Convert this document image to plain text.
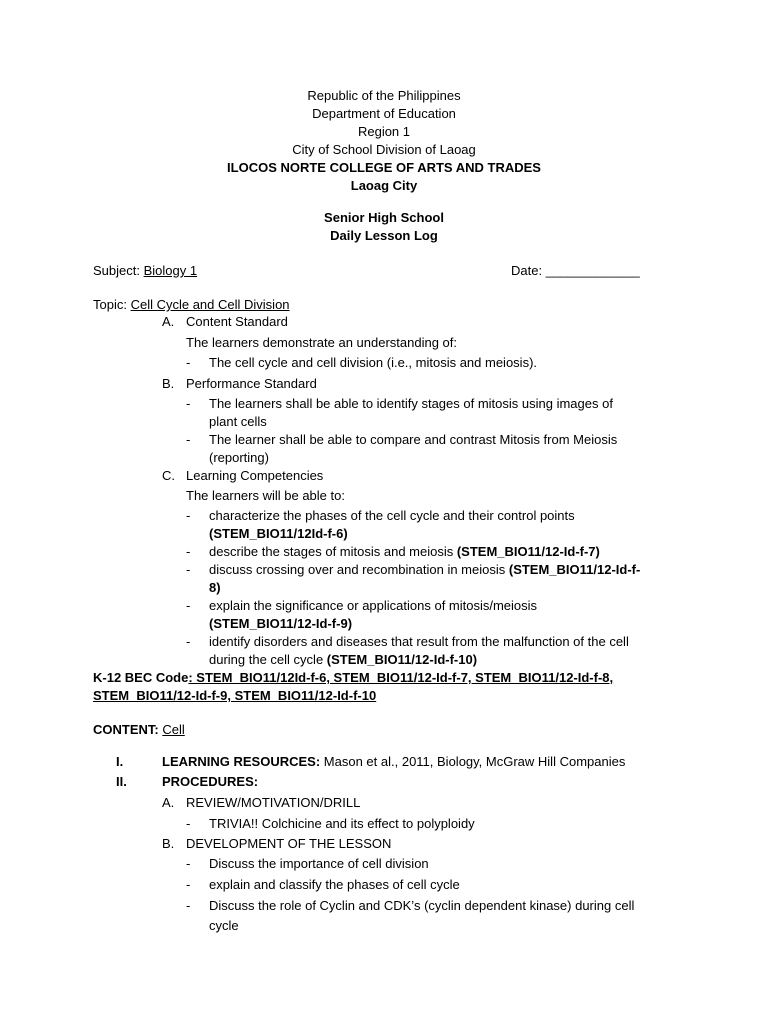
Republic of the Philippines
Department of Education
Region 1
City of School Division of Laoag
ILOCOS NORTE COLLEGE OF ARTS AND TRADES
Laoag City
Senior High School
Daily Lesson Log
Subject: Biology 1	Date: _____________
Topic: Cell Cycle and Cell Division
A. Content Standard
The learners demonstrate an understanding of:
- The cell cycle and cell division (i.e., mitosis and meiosis).
B. Performance Standard
- The learners shall be able to identify stages of mitosis using images of
plant cells
- The learner shall be able to compare and contrast Mitosis from Meiosis
(reporting)
C. Learning Competencies
The learners will be able to:
- characterize the phases of the cell cycle and their control points
(STEM_BIO11/12Id-f-6)
- describe the stages of mitosis and meiosis (STEM_BIO11/12-Id-f-7)
- discuss crossing over and recombination in meiosis (STEM_BIO11/12-Id-f-
8)
- explain the significance or applications of mitosis/meiosis
(STEM_BIO11/12-Id-f-9)
- identify disorders and diseases that result from the malfunction of the cell
during the cell cycle (STEM_BIO11/12-Id-f-10)
K-12 BEC Code: STEM_BIO11/12Id-f-6, STEM_BIO11/12-Id-f-7, STEM_BIO11/12-Id-f-8,
STEM_BIO11/12-Id-f-9, STEM_BIO11/12-Id-f-10
CONTENT: Cell
I.	LEARNING RESOURCES: Mason et al., 2011, Biology, McGraw Hill Companies
II.	PROCEDURES:
A. REVIEW/MOTIVATION/DRILL
- TRIVIA!! Colchicine and its effect to polyploidy
B. DEVELOPMENT OF THE LESSON
- Discuss the importance of cell division
- explain and classify the phases of cell cycle
- Discuss the role of Cyclin and CDK’s (cyclin dependent kinase) during cell
cycle
